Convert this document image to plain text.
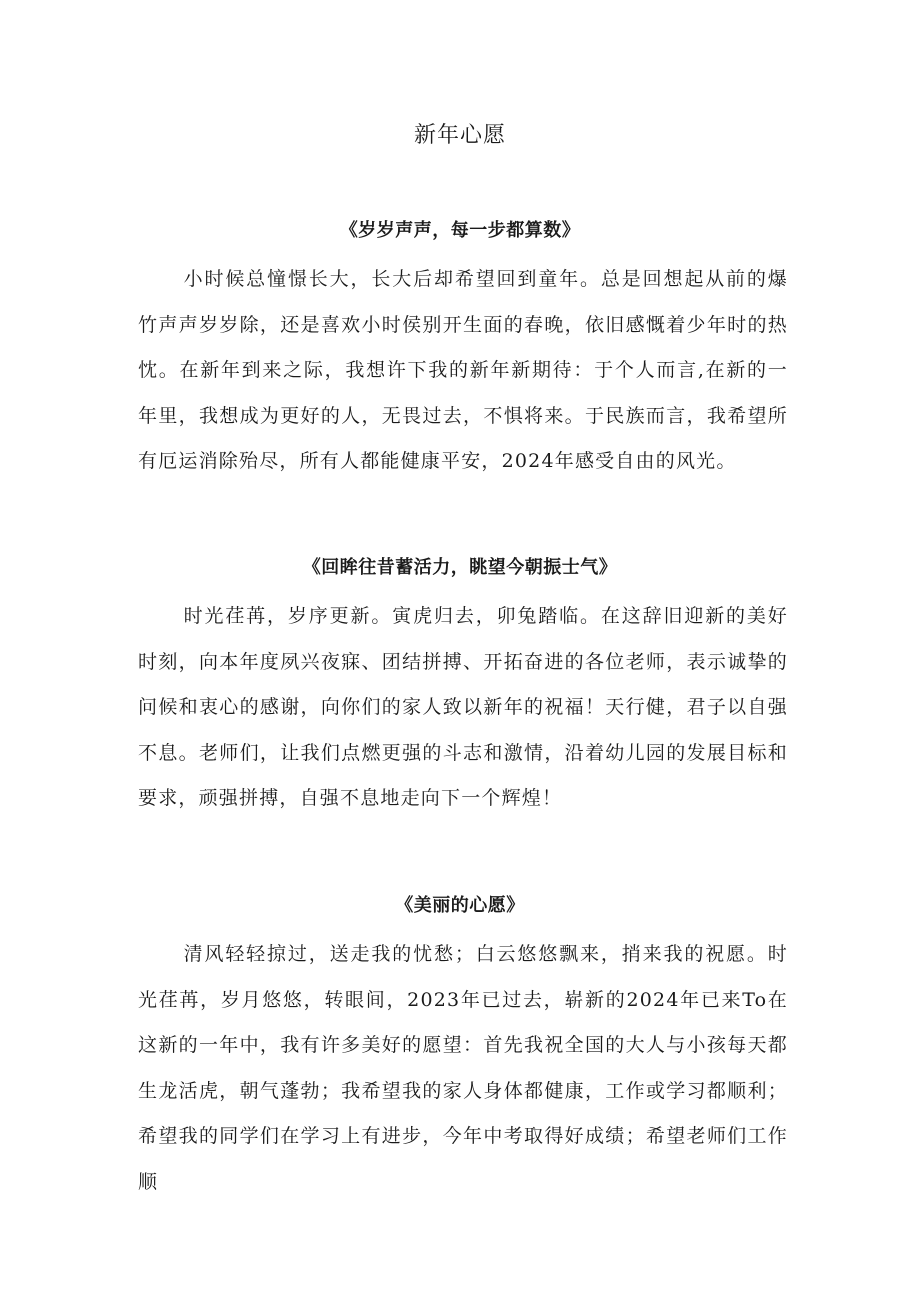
新年心愿
《岁岁声声，每一步都算数》

小时候总憧憬长大，长大后却希望回到童年。总是回想起从前的爆竹声声岁岁除，还是喜欢小时侯别开生面的春晚，依旧感慨着少年时的热忱。在新年到来之际，我想许下我的新年新期待：于个人而言,在新的一年里，我想成为更好的人，无畏过去，不惧将来。于民族而言，我希望所有厄运消除殆尽，所有人都能健康平安，2024年感受自由的风光。

《回眸往昔蓄活力，眺望今朝振士气》

时光荏苒，岁序更新。寅虎归去，卯兔踏临。在这辞旧迎新的美好时刻，向本年度夙兴夜寐、团结拼搏、开拓奋进的各位老师，表示诚挚的问候和衷心的感谢，向你们的家人致以新年的祝福！天行健，君子以自强不息。老师们，让我们点燃更强的斗志和激情，沿着幼儿园的发展目标和要求，顽强拼搏，自强不息地走向下一个辉煌！

《美丽的心愿》

清风轻轻掠过，送走我的忧愁；白云悠悠飘来，捎来我的祝愿。时光荏苒，岁月悠悠，转眼间，2023年已过去，崭新的2024年已来To在这新的一年中，我有许多美好的愿望：首先我祝全国的大人与小孩每天都生龙活虎，朝气蓬勃；我希望我的家人身体都健康，工作或学习都顺利；希望我的同学们在学习上有进步，今年中考取得好成绩；希望老师们工作顺
